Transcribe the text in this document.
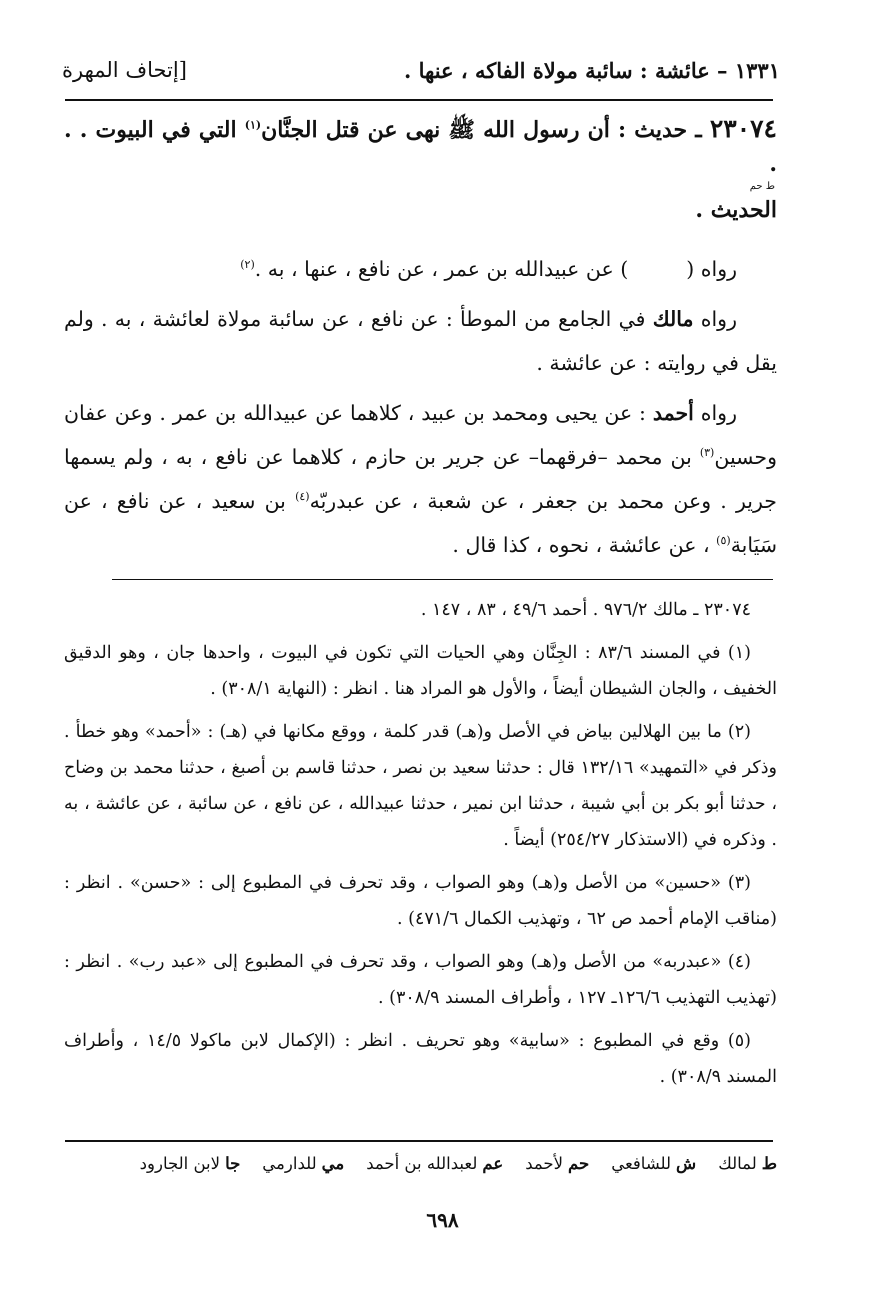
١٣٣١ – عائشة : سائبة مولاة الفاكه ، عنها .
[إتحاف المهرة

٢٣٠٧٤ ـ حديث : أن رسول الله ﷺ نهى عن قتل الجنَّان$^{(١)}$ التي في البيوت . . .
ط حم
الحديث .

رواه () عن عبيدالله بن عمر ، عن نافع ، عنها ، به .$^{(٢)}$

رواه مالك في الجامع من الموطأ : عن نافع ، عن سائبة مولاة لعائشة ، به . ولم يقل في روايته : عن عائشة .

رواه أحمد : عن يحيى ومحمد بن عبيد ، كلاهما عن عبيدالله بن عمر . وعن عفان وحسين$^{(٣)}$ بن محمد –فرقهما– عن جرير بن حازم ، كلاهما عن نافع ، به ، ولم يسمها جرير . وعن محمد بن جعفر ، عن شعبة ، عن عبدربّه$^{(٤)}$ بن سعيد ، عن نافع ، عن سَيَابة$^{(٥)}$ ، عن عائشة ، نحوه ، كذا قال .

٢٣٠٧٤ ـ مالك ٩٧٦/٢ . أحمد ٤٩/٦ ، ٨٣ ، ١٤٧ .

(١) في المسند ٨٣/٦ : الجِنَّان وهي الحيات التي تكون في البيوت ، واحدها جان ، وهو الدقيق الخفيف ، والجان الشيطان أيضاً ، والأول هو المراد هنا . انظر : (النهاية ٣٠٨/١) .

(٢) ما بين الهلالين بياض في الأصل و(هـ) قدر كلمة ، ووقع مكانها في (هـ) : «أحمد» وهو خطأ . وذكر في «التمهيد» ١٣٢/١٦ قال : حدثنا سعيد بن نصر ، حدثنا قاسم بن أصبغ ، حدثنا محمد بن وضاح ، حدثنا أبو بكر بن أبي شيبة ، حدثنا ابن نمير ، حدثنا عبيدالله ، عن نافع ، عن سائبة ، عن عائشة ، به . وذكره في (الاستذكار ٢٥٤/٢٧) أيضاً .

(٣) «حسين» من الأصل و(هـ) وهو الصواب ، وقد تحرف في المطبوع إلى : «حسن» . انظر : (مناقب الإمام أحمد ص ٦٢ ، وتهذيب الكمال ٤٧١/٦) .

(٤) «عبدربه» من الأصل و(هـ) وهو الصواب ، وقد تحرف في المطبوع إلى «عبد رب» . انظر : (تهذيب التهذيب ١٢٦/٦ـ ١٢٧ ، وأطراف المسند ٣٠٨/٩) .

(٥) وقع في المطبوع : «سابية» وهو تحريف . انظر : (الإكمال لابن ماكولا ١٤/٥ ، وأطراف المسند ٣٠٨/٩) .

ط
لمالك
ش
للشافعي
حم
لأحمد
عم
لعبدالله بن أحمد
مي
للدارمي
جا
لابن الجارود
٦٩٨
